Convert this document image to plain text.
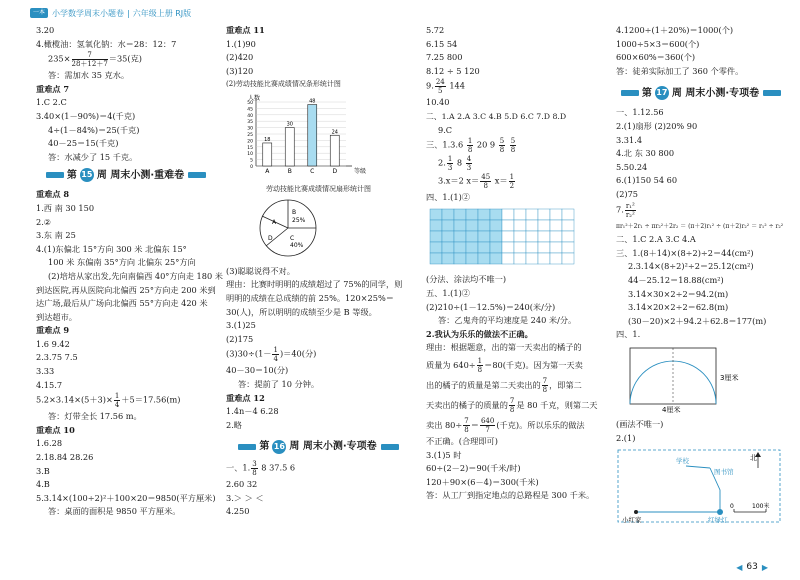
一本 小学数学周末小题卷 | 六年级上册 RJ版
3.20
4.橄榄油：氢氧化钠：水＝28：12：7
$235\times \frac{7}{28+12+7} =35$(克)
答：需加水 35 克水。
重难点 7
1.C 2.C
3.40×(1－90%)＝4(千克)
4÷(1－84%)＝25(千克)
40－25＝15(千克)
答：水减少了 15 千克。
第 15 周 周末小测·重难卷
重难点 8
1.西 南 30 150
2.②
3.东 南 25
4.(1)东偏北 15°方向 300 米 北偏东 15°
100 米 东偏南 35°方向 北偏东 25°方向
(2)培培从家出发,先向南偏西 40°方向走 180 米
到达医院,再从医院向北偏西 25°方向走 200 米到
达广场,最后从广场向北偏西 55°方向走 420 米
到达超市。
重难点 9
1.6 9.42
2.3.75 7.5
3.33
4.15.7
$5.2\times 3.14\times(5+3)\times \frac{1}{4} +5=17.56(m)$
答：灯带全长 17.56 m。
重难点 10
1.6.28
2.18.84 28.26
3.B
4.B
5.3.14×(100÷2)²＋100×20＝9850(平方厘米)
答：桌面的面积是 9850 平方厘米。
重难点 11
1.(1)90
(2)420
(3)120
(2)劳动技能比赛成绩情况条形统计图
人数
0
5
10
15
20
25
30
35
40
45
50
18
A
30
B
48
C
24
D	等级
劳动技能比赛成绩情况扇形统计图
A
B
25%
C
40%
D
(3)聪聪说得不对。
理由：比赛时明明的成绩超过了 75%的同学，则
明明的成绩在总成绩的前 25%。120×25%＝
30(人)，所以明明的成绩至少是 B 等级。
3.(1)25
(2)175
$(3)30\div(1- \frac{1}{4} )=40$(分)
40－30＝10(分)
答：提前了 10 分钟。
重难点 12
1.4n－4 6.28
2.略
第 16 周 周末小测·专项卷
一、1. $\frac{3}{8} 8$ 37.5 6
2.60 32
3.＞ ＞ ＜
4.250
5.72
6.15 54
7.25 800
8.12 ÷ 5 120
9. $\frac{24}{5} 144$
10.40
二、1.A 2.A 3.C 4.B 5.D 6.C 7.D 8.D
9.C
三、$1.3.6 \frac{1}{8} 20$ $9 \frac{5}{8}$
$\frac{5}{8}$
2. $\frac{1}{3} 8 \frac{4}{3}$
3.x＝2 $x= \frac{45}{8} x= \frac{1}{2}$
四、1.(1)②
(分法、涂法均不唯一)
五、1.(1)②
(2)210÷(1－12.5%)＝240(米/分)
答：乙鬼舟的平均速度是 240 米/分。
2.我认为乐乐的做法不正确。
理由：根据题意，出的第一天卖出的橘子的
质量为 $640\div \frac{1}{8} =80$(千克)。因为第一天卖
出的橘子的质量是第二天卖出的 $\frac{7}{8}$ ，即第二
天卖出的橘子的质量的 $\frac{7}{8}$ 是 80 千克，则第二天
卖出 $80\div \frac{7}{8} = \frac{640}{7}$ (千克)。所以乐乐的做法
不正确。(合理即可)
3.(1)5 时
60÷(2－2)＝90(千米/时)
120＋90×(6－4)＝300(千米)
答：从工厂到指定地点的总路程是 300 千米。
4.1200÷(1＋20%)＝1000(个)
1000÷5×3＝600(个)
600×60%＝360(个)
答：徒弟实际加工了 360 个零件。
第 17 周 周末小测·专项卷
一、1.12.56
2.(1)扇形 (2)20% 90
3.31.4
4.北 东 30 800
5.50.24
6.(1)150 54 60
(2)75
7. $\frac{\text{r₁²}}{\text{r₂²}}$
πr₁²＋2r₁ ÷ πr₂²＋2r₂ ＝ (π＋2)r₁² ÷ (π＋2)r₂² ＝ r₁² ÷ r₂²
二、1.C 2.A 3.C 4.A
三、1.(8＋14)×(8÷2)÷2＝44(cm²)
2.3.14×(8÷2)²÷2＝25.12(cm²)
44－25.12＝18.88(cm²)
3.14×30×2÷2＝94.2(m)
3.14×20×2÷2＝62.8(m)
(30－20)×2＋94.2＋62.8＝177(m)
四、1.
3厘米
4厘米
(画法不唯一)
2.(1)
北
学校
图书馆
小红家	红绿灯
0	100米
◀ 63 ▶
